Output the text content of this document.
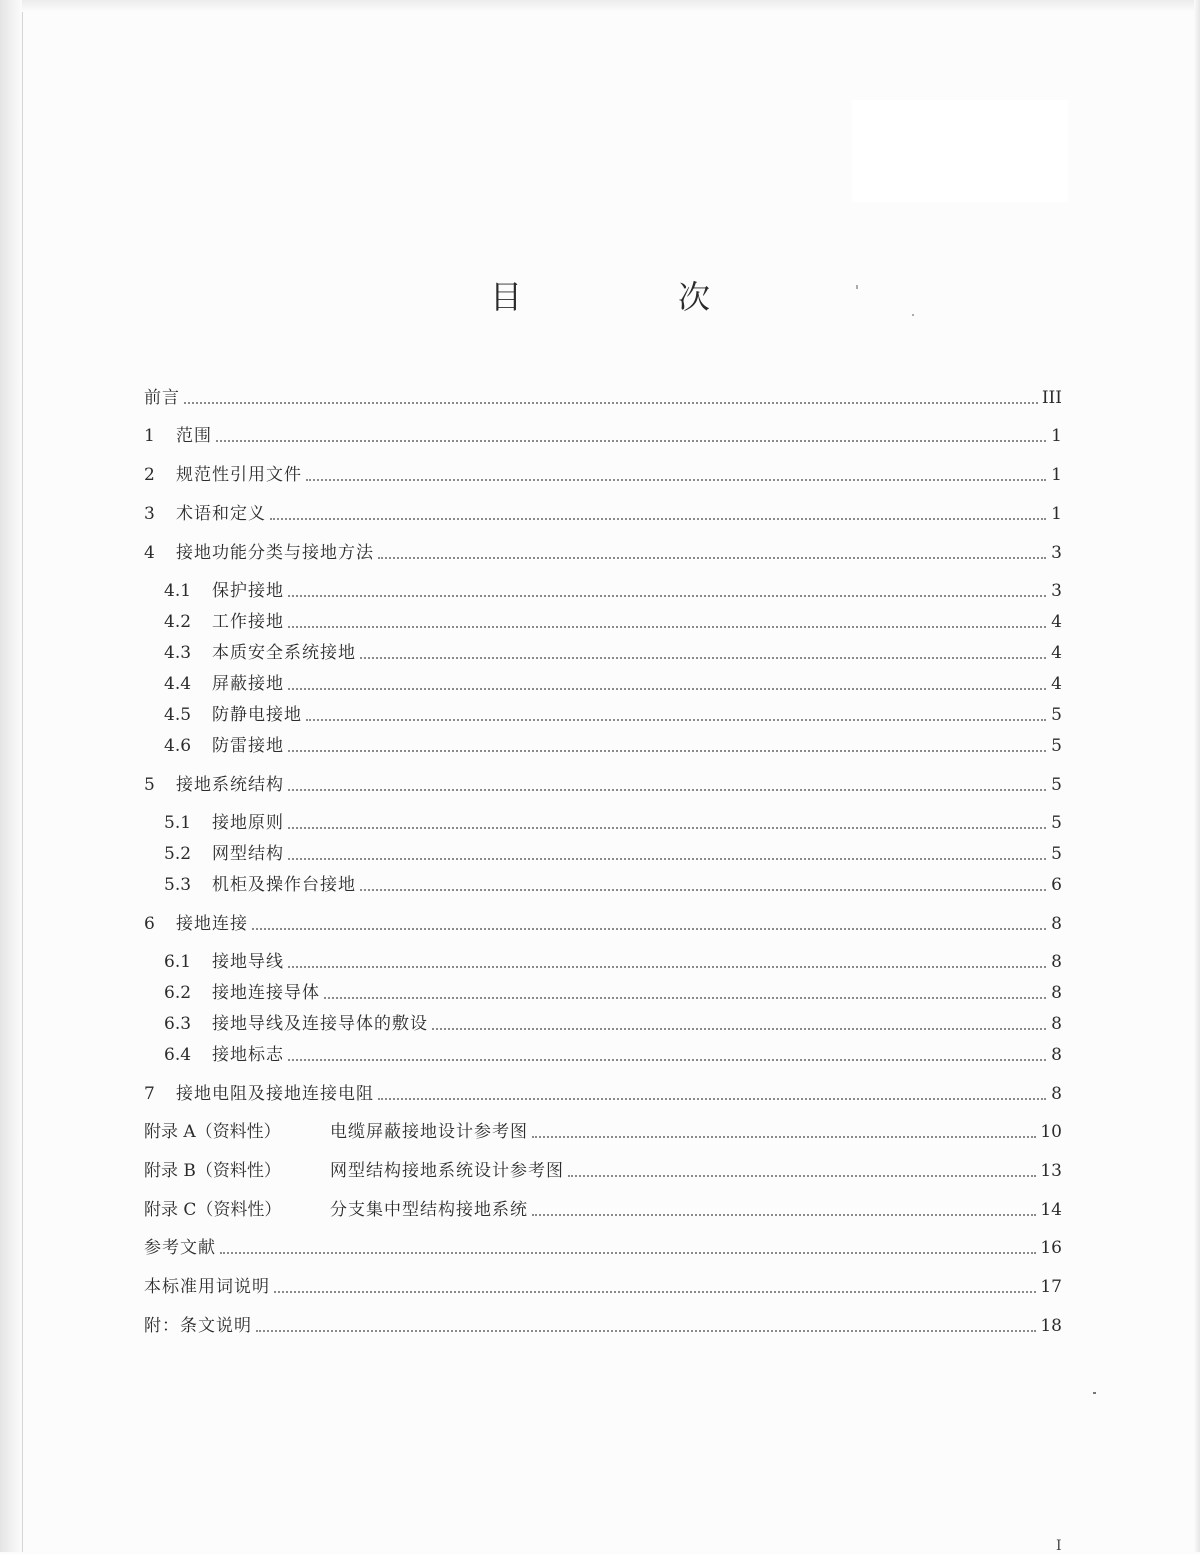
目　次
前言	III
1	范围	1
2	规范性引用文件	1
3	术语和定义	1
4	接地功能分类与接地方法	3
4.1	保护接地	3
4.2	工作接地	4
4.3	本质安全系统接地	4
4.4	屏蔽接地	4
4.5	防静电接地	5
4.6	防雷接地	5
5	接地系统结构	5
5.1	接地原则	5
5.2	网型结构	5
5.3	机柜及操作台接地	6
6	接地连接	8
6.1	接地导线	8
6.2	接地连接导体	8
6.3	接地导线及连接导体的敷设	8
6.4	接地标志	8
7	接地电阻及接地连接电阻	8
附录 A（资料性）	电缆屏蔽接地设计参考图	10
附录 B（资料性）	网型结构接地系统设计参考图	13
附录 C（资料性）	分支集中型结构接地系统	14
参考文献	16
本标准用词说明	17
附：条文说明	18
I
